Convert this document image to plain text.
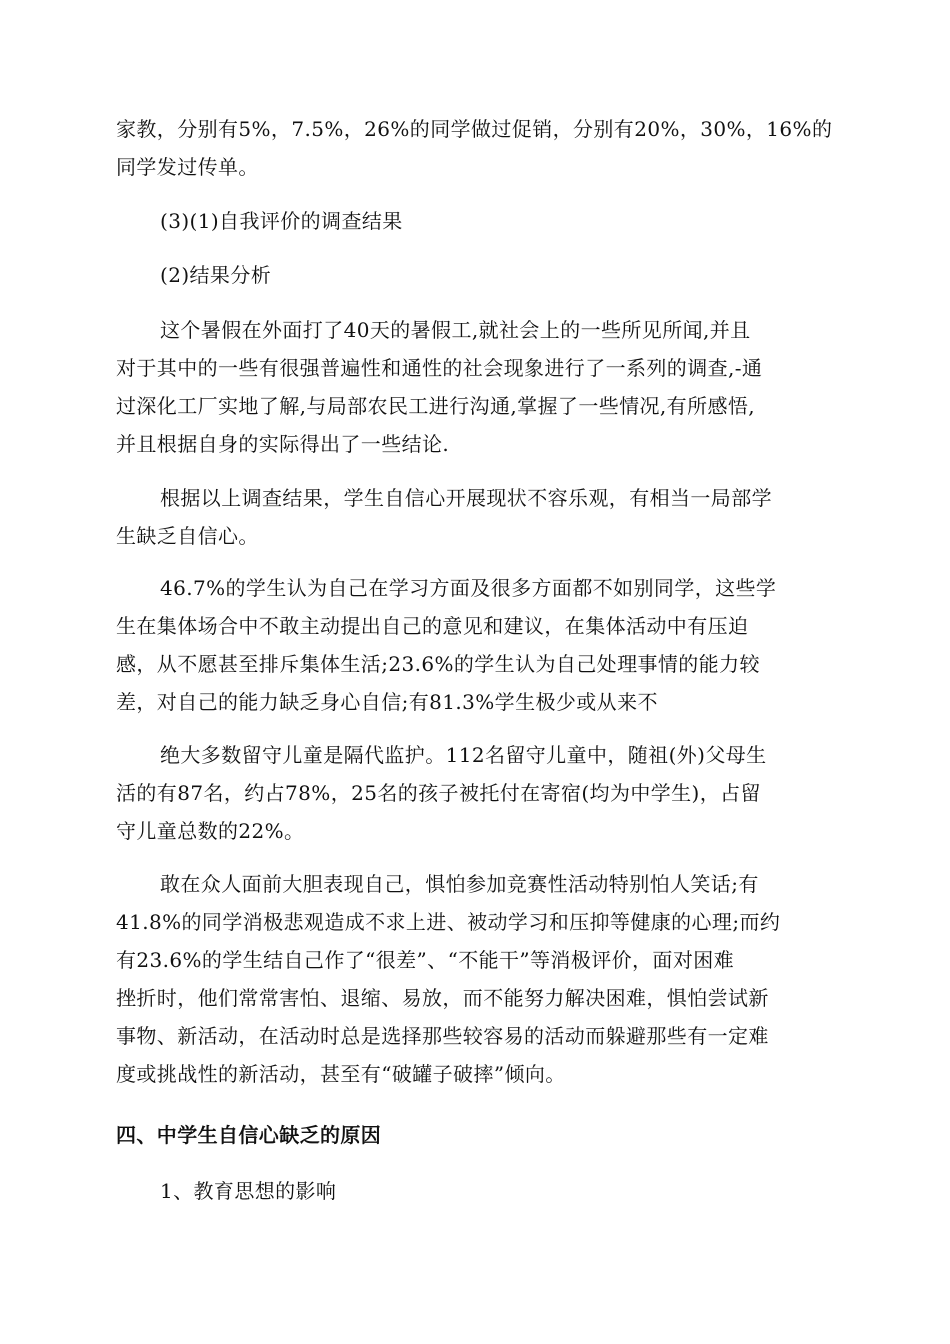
家教，分别有5%，7.5%，26%的同学做过促销，分别有20%，30%，16%的
同学发过传单。

(3)(1)自我评价的调查结果

(2)结果分析

这个暑假在外面打了40天的暑假工,就社会上的一些所见所闻,并且
对于其中的一些有很强普遍性和通性的社会现象进行了一系列的调查,-通
过深化工厂实地了解,与局部农民工进行沟通,掌握了一些情况,有所感悟,
并且根据自身的实际得出了一些结论.

根据以上调查结果，学生自信心开展现状不容乐观，有相当一局部学
生缺乏自信心。

46.7%的学生认为自己在学习方面及很多方面都不如别同学，这些学
生在集体场合中不敢主动提出自己的意见和建议，在集体活动中有压迫
感，从不愿甚至排斥集体生活;23.6%的学生认为自己处理事情的能力较
差，对自己的能力缺乏身心自信;有81.3%学生极少或从来不

绝大多数留守儿童是隔代监护。112名留守儿童中，随祖(外)父母生
活的有87名，约占78%，25名的孩子被托付在寄宿(均为中学生)，占留
守儿童总数的22%。

敢在众人面前大胆表现自己，惧怕参加竞赛性活动特别怕人笑话;有
41.8%的同学消极悲观造成不求上进、被动学习和压抑等健康的心理;而约
有23.6%的学生结自己作了“很差”、“不能干”等消极评价，面对困难
挫折时，他们常常害怕、退缩、易放，而不能努力解决困难，惧怕尝试新
事物、新活动，在活动时总是选择那些较容易的活动而躲避那些有一定难
度或挑战性的新活动，甚至有“破罐子破摔”倾向。

四、中学生自信心缺乏的原因

1、教育思想的影响
